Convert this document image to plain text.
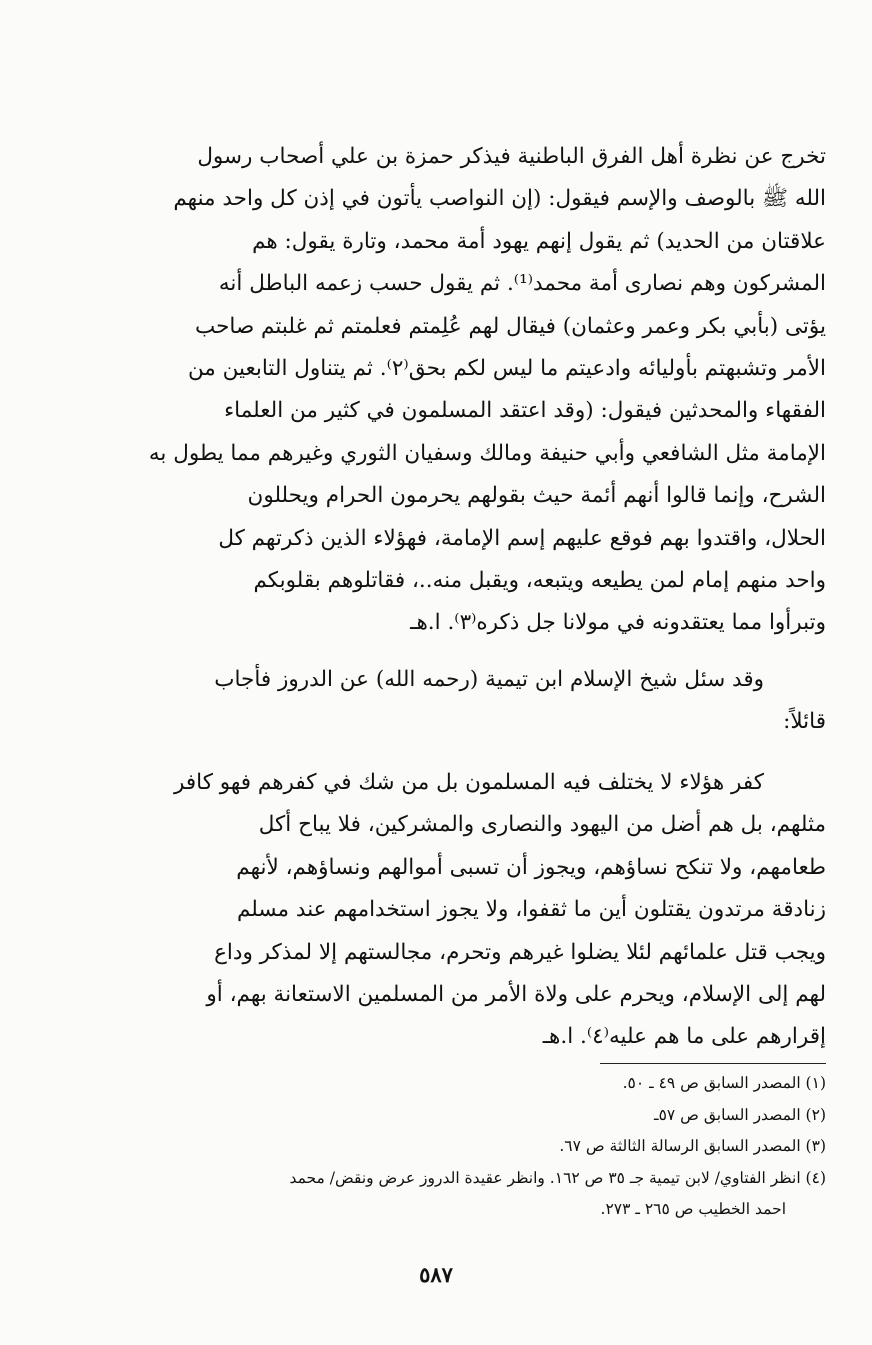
تخرج عن نظرة أهل الفرق الباطنية فيذكر حمزة بن علي أصحاب رسول
الله ﷺ بالوصف والإسم فيقول: (إن النواصب يأتون في إذن كل واحد منهم
علاقتان من الحديد) ثم يقول إنهم يهود أمة محمد، وتارة يقول: هم
المشركون وهم نصارى أمة محمد⁽¹⁾. ثم يقول حسب زعمه الباطل أنه
يؤتى (بأبي بكر وعمر وعثمان) فيقال لهم عُلِمتم فعلمتم ثم غلبتم صاحب
الأمر وتشبهتم بأوليائه وادعيتم ما ليس لكم بحق⁽٢⁾. ثم يتناول التابعين من
الفقهاء والمحدثين فيقول: (وقد اعتقد المسلمون في كثير من العلماء
الإمامة مثل الشافعي وأبي حنيفة ومالك وسفيان الثوري وغيرهم مما يطول به
الشرح، وإنما قالوا أنهم أئمة حيث بقولهم يحرمون الحرام ويحللون
الحلال، واقتدوا بهم فوقع عليهم إسم الإمامة، فهؤلاء الذين ذكرتهم كل
واحد منهم إمام لمن يطيعه ويتبعه، ويقبل منه..، فقاتلوهم بقلوبكم
وتبرأوا مما يعتقدونه في مولانا جل ذكره⁽٣⁾. ا.هـ
وقد سئل شيخ الإسلام ابن تيمية (رحمه الله) عن الدروز فأجاب
قائلاً:
كفر هؤلاء لا يختلف فيه المسلمون بل من شك في كفرهم فهو كافر
مثلهم، بل هم أضل من اليهود والنصارى والمشركين، فلا يباح أكل
طعامهم، ولا تنكح نساؤهم، ويجوز أن تسبى أموالهم ونساؤهم، لأنهم
زنادقة مرتدون يقتلون أين ما ثقفوا، ولا يجوز استخدامهم عند مسلم
ويجب قتل علمائهم لئلا يضلوا غيرهم وتحرم، مجالستهم إلا لمذكر وداع
لهم إلى الإسلام، ويحرم على ولاة الأمر من المسلمين الاستعانة بهم، أو
إقرارهم على ما هم عليه⁽٤⁾. ا.هـ
(١) المصدر السابق ص ٤٩ ـ ٥٠.
(٢) المصدر السابق ص ٥٧ـ
(٣) المصدر السابق الرسالة الثالثة ص ٦٧.
(٤) انظر الفتاوي/ لابن تيمية جـ ٣٥ ص ١٦٢. وانظر عقيدة الدروز عرض ونقض/ محمد
احمد الخطيب ص ٢٦٥ ـ ٢٧٣.
٥٨٧
